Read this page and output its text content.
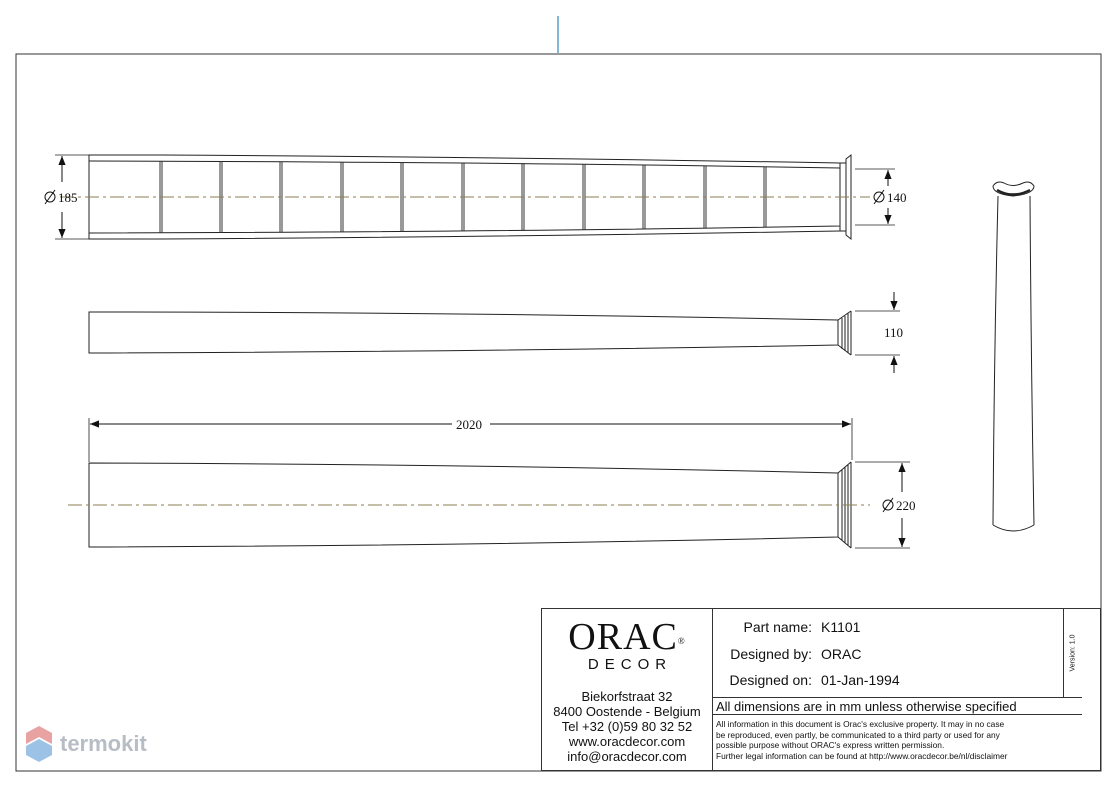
185	140
110
2020
220
ORAC®
DECOR
Biekorfstraat 32
8400 Oostende - Belgium
Tel +32 (0)59 80 32 52
www.oracdecor.com
info@oracdecor.com
Part name: K1101
Designed by: ORAC
Designed on: 01-Jan-1994
Version: 1.0
All dimensions are in mm unless otherwise specified
All information in this document is Orac's exclusive property. It may in no case
be reproduced, even partly, be communicated to a third party or used for any
possible purpose without ORAC's express written permission.
Further legal information can be found at http://www.oracdecor.be/nl/disclaimer
termokit
